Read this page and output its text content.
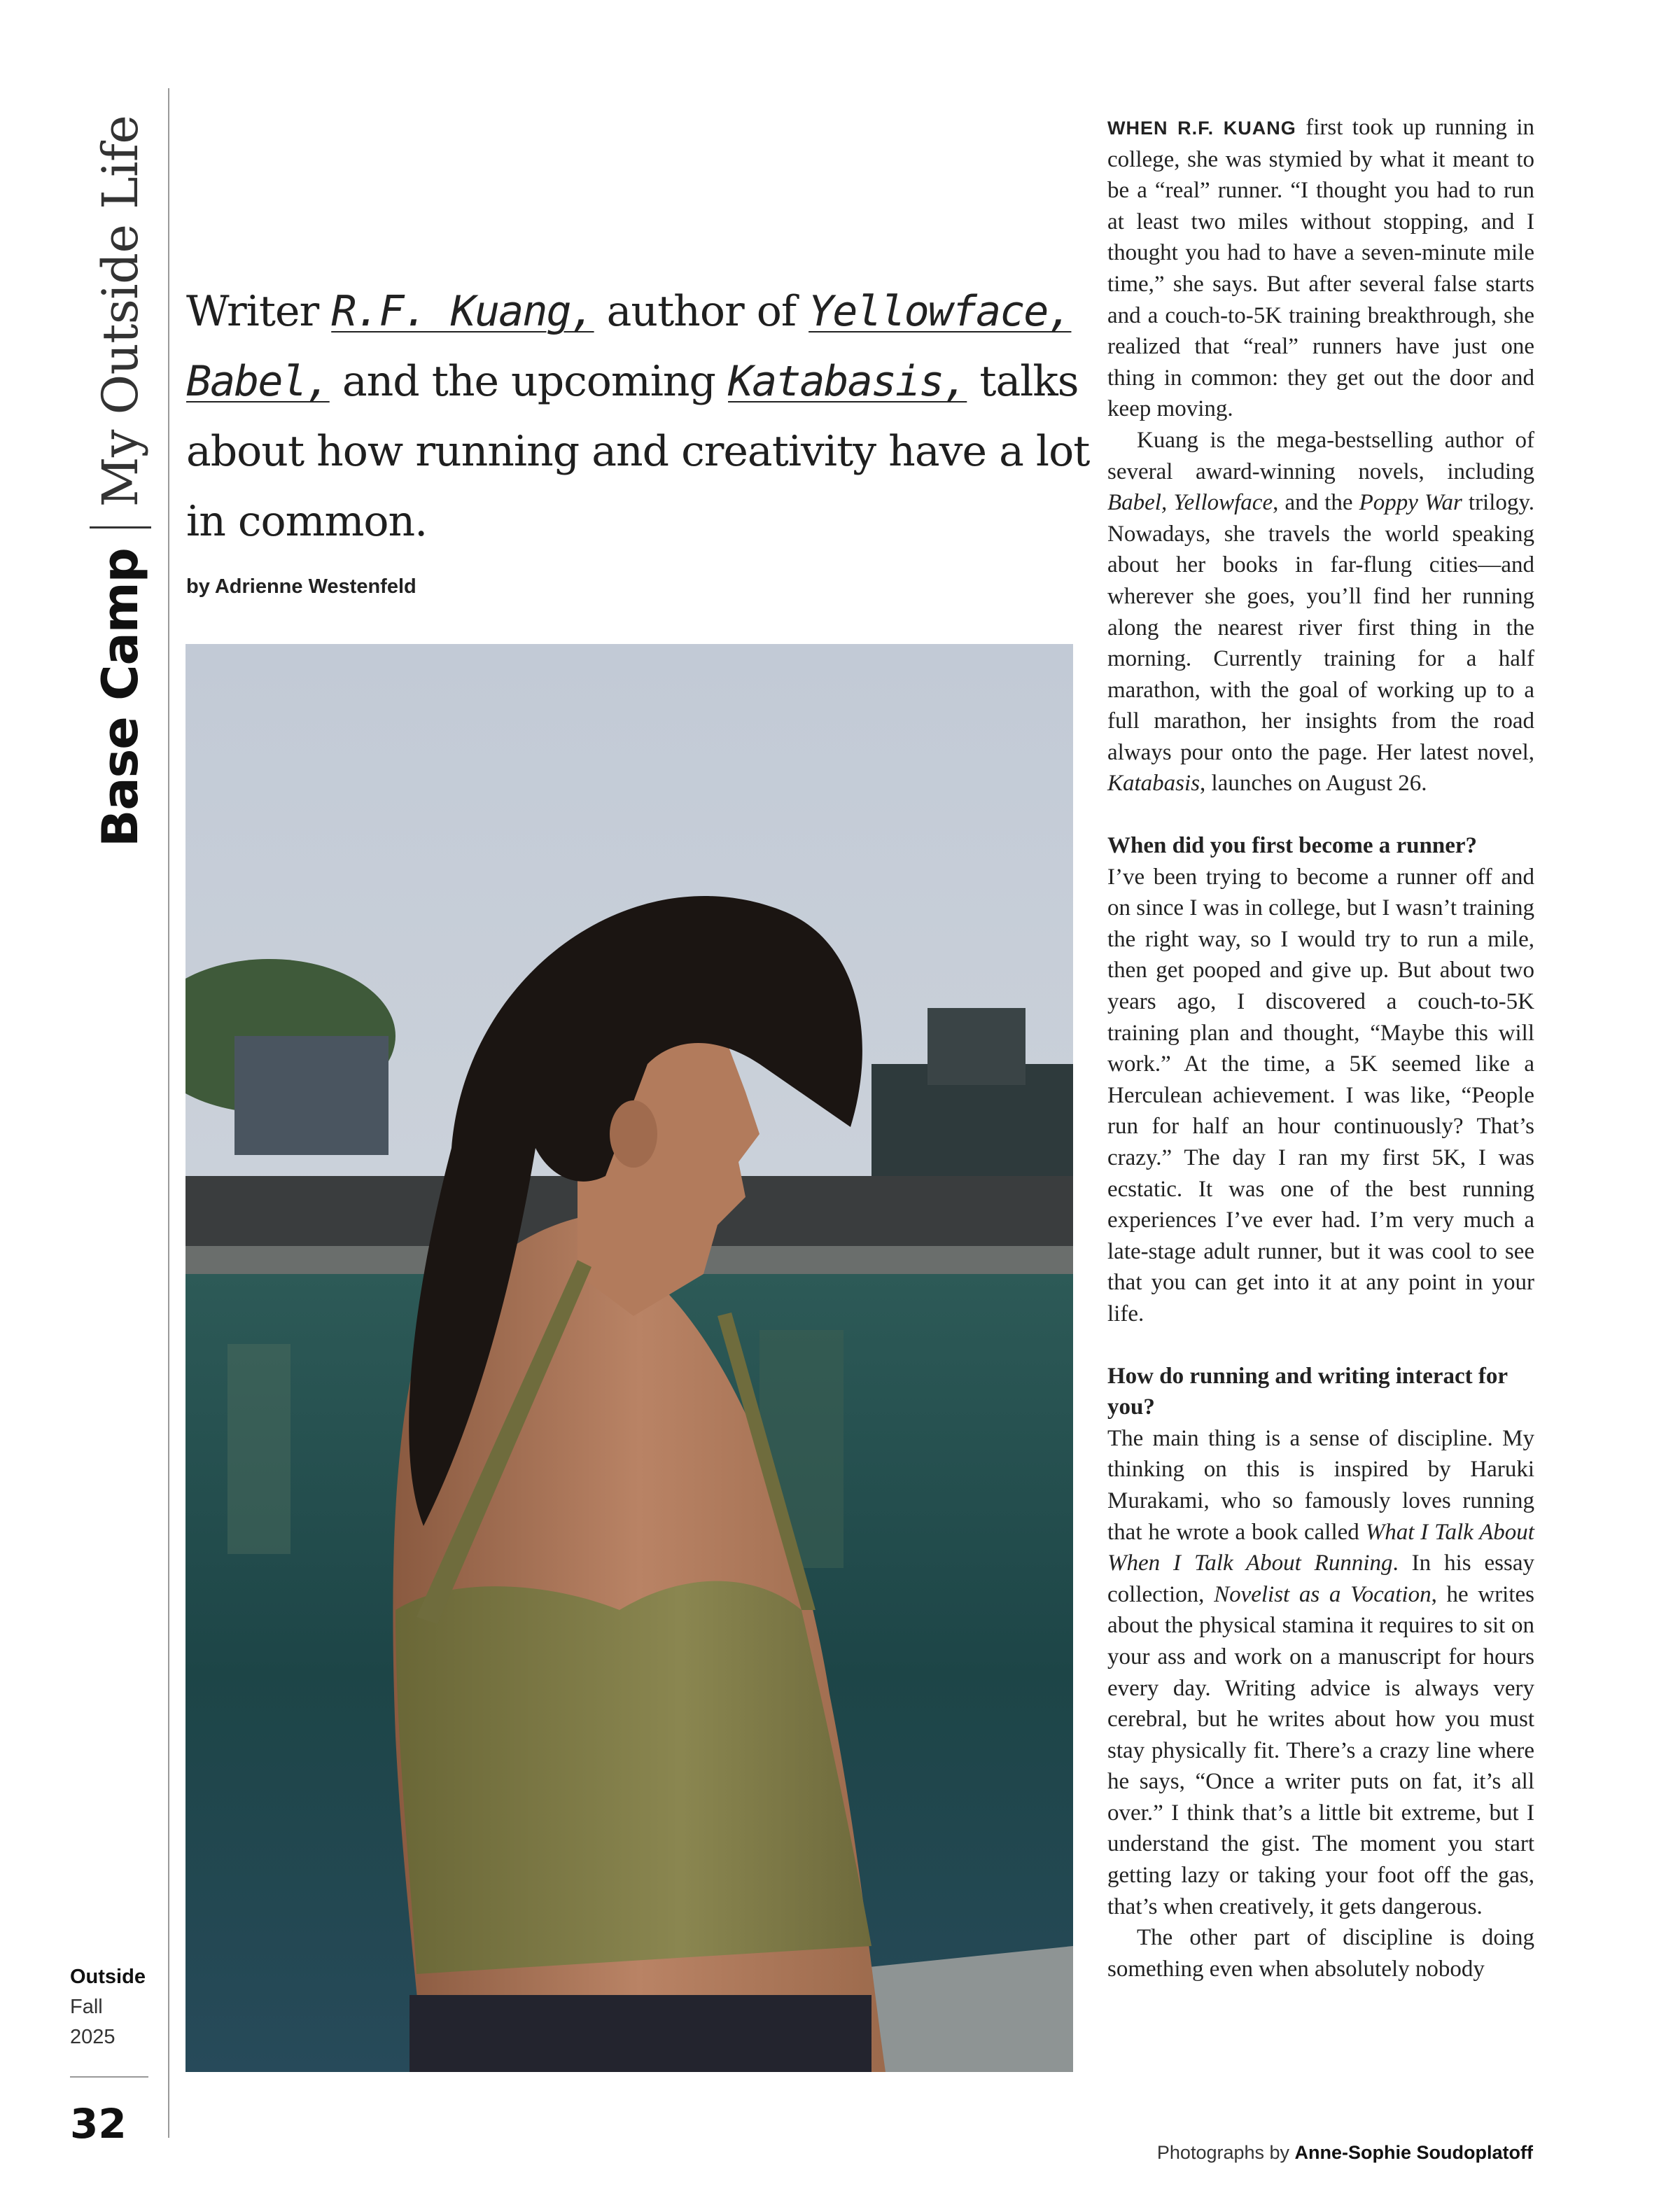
Base Camp
My Outside Life
Outside
Fall
2025
32
Writer R.F. Kuang, author of Yellowface, Babel, and the upcoming Katabasis, talks about how running and creativity have a lot in common.
by Adrienne Westenfeld
Photographs by Anne-Sophie Soudoplatoff

WHEN R.F. KUANG first took up running in college, she was stymied by what it meant to be a “real” runner. “I thought you had to run at least two miles without stopping, and I thought you had to have a seven-minute mile time,” she says. But after several false starts and a couch-to-5K training breakthrough, she realized that “real” runners have just one thing in common: they get out the door and keep moving.

Kuang is the mega-bestselling author of several award-winning novels, including Babel, Yellowface, and the Poppy War trilogy. Nowadays, she travels the world speaking about her books in far-flung cities—and wherever she goes, you’ll find her running along the nearest river first thing in the morning. Currently training for a half marathon, with the goal of working up to a full marathon, her insights from the road always pour onto the page. Her latest novel, Katabasis, launches on August 26.

When did you first become a runner?

I’ve been trying to become a runner off and on since I was in college, but I wasn’t training the right way, so I would try to run a mile, then get pooped and give up. But about two years ago, I discovered a couch-to-5K training plan and thought, “Maybe this will work.” At the time, a 5K seemed like a Herculean achievement. I was like, “People run for half an hour continuously? That’s crazy.” The day I ran my first 5K, I was ecstatic. It was one of the best running experiences I’ve ever had. I’m very much a late-stage adult runner, but it was cool to see that you can get into it at any point in your life.

How do running and writing interact for you?

The main thing is a sense of discipline. My thinking on this is inspired by Haruki Murakami, who so famously loves running that he wrote a book called What I Talk About When I Talk About Running. In his essay collection, Novelist as a Vocation, he writes about the physical stamina it requires to sit on your ass and work on a manuscript for hours every day. Writing advice is always very cerebral, but he writes about how you must stay physically fit. There’s a crazy line where he says, “Once a writer puts on fat, it’s all over.” I think that’s a little bit extreme, but I understand the gist. The moment you start getting lazy or taking your foot off the gas, that’s when creatively, it gets dangerous.

The other part of discipline is doing something even when absolutely nobody
